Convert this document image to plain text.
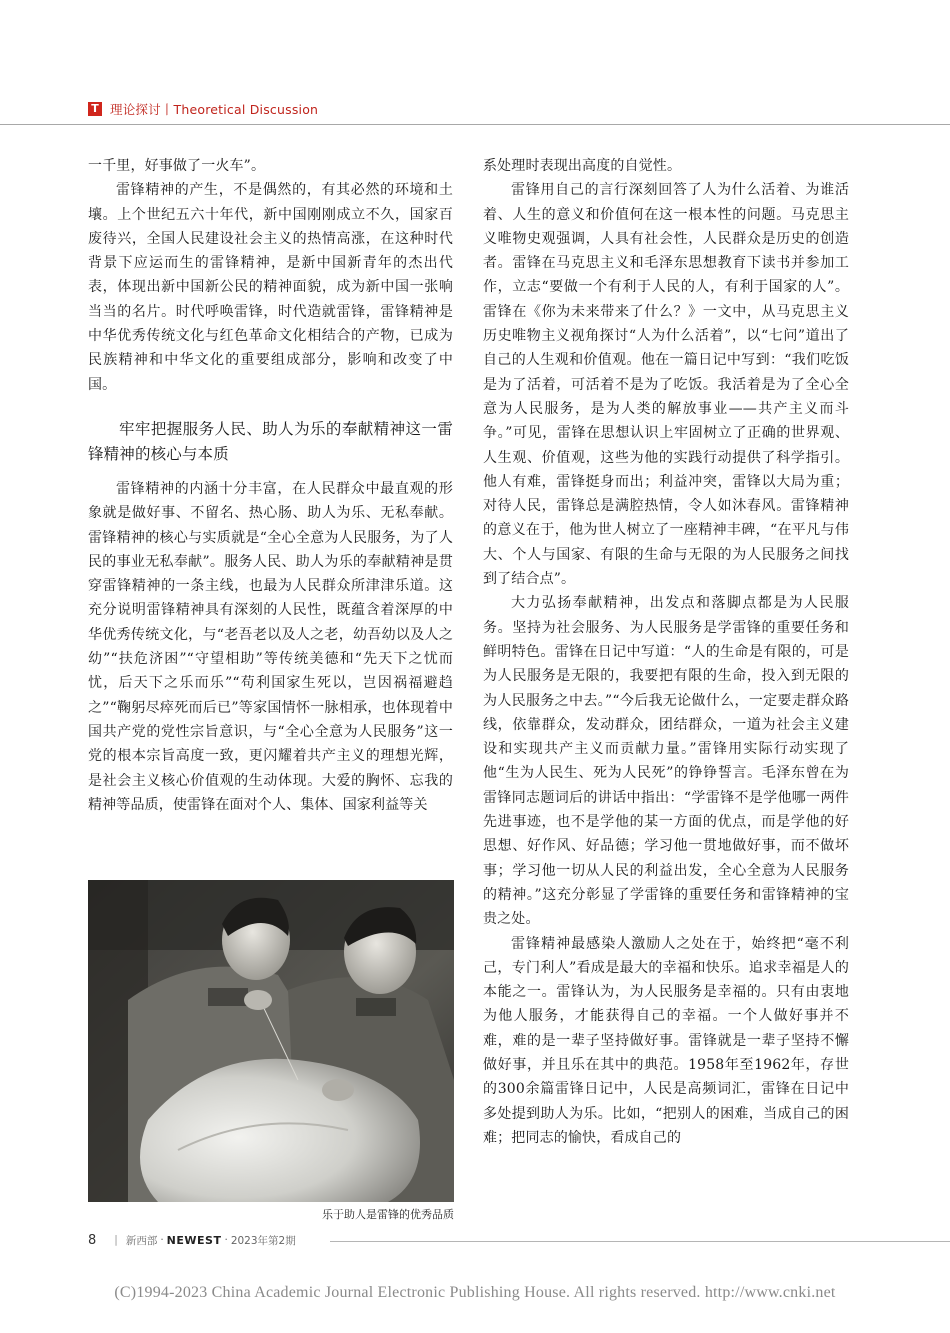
T 理论探讨丨Theoretical Discussion

一千里，好事做了一火车”。

雷锋精神的产生，不是偶然的，有其必然的环境和土壤。上个世纪五六十年代，新中国刚刚成立不久，国家百废待兴，全国人民建设社会主义的热情高涨，在这种时代背景下应运而生的雷锋精神，是新中国新青年的杰出代表，体现出新中国新公民的精神面貌，成为新中国一张响当当的名片。时代呼唤雷锋，时代造就雷锋，雷锋精神是中华优秀传统文化与红色革命文化相结合的产物，已成为民族精神和中华文化的重要组成部分，影响和改变了中国。

牢牢把握服务人民、助人为乐的奉献精神这一雷锋精神的核心与本质

雷锋精神的内涵十分丰富，在人民群众中最直观的形象就是做好事、不留名、热心肠、助人为乐、无私奉献。雷锋精神的核心与实质就是“全心全意为人民服务，为了人民的事业无私奉献”。服务人民、助人为乐的奉献精神是贯穿雷锋精神的一条主线，也最为人民群众所津津乐道。这充分说明雷锋精神具有深刻的人民性，既蕴含着深厚的中华优秀传统文化，与“老吾老以及人之老，幼吾幼以及人之幼”“扶危济困”“守望相助”等传统美德和“先天下之忧而忧，后天下之乐而乐”“苟利国家生死以，岂因祸福避趋之”“鞠躬尽瘁死而后已”等家国情怀一脉相承，也体现着中国共产党的党性宗旨意识，与“全心全意为人民服务”这一党的根本宗旨高度一致，更闪耀着共产主义的理想光辉，是社会主义核心价值观的生动体现。大爱的胸怀、忘我的精神等品质，使雷锋在面对个人、集体、国家利益等关

乐于助人是雷锋的优秀品质

系处理时表现出高度的自觉性。

雷锋用自己的言行深刻回答了人为什么活着、为谁活着、人生的意义和价值何在这一根本性的问题。马克思主义唯物史观强调，人具有社会性，人民群众是历史的创造者。雷锋在马克思主义和毛泽东思想教育下读书并参加工作，立志“要做一个有利于人民的人，有利于国家的人”。雷锋在《你为未来带来了什么？》一文中，从马克思主义历史唯物主义视角探讨“人为什么活着”，以“七问”道出了自己的人生观和价值观。他在一篇日记中写到：“我们吃饭是为了活着，可活着不是为了吃饭。我活着是为了全心全意为人民服务，是为人类的解放事业——共产主义而斗争。”可见，雷锋在思想认识上牢固树立了正确的世界观、人生观、价值观，这些为他的实践行动提供了科学指引。他人有难，雷锋挺身而出；利益冲突，雷锋以大局为重；对待人民，雷锋总是满腔热情，令人如沐春风。雷锋精神的意义在于，他为世人树立了一座精神丰碑，“在平凡与伟大、个人与国家、有限的生命与无限的为人民服务之间找到了结合点”。

大力弘扬奉献精神，出发点和落脚点都是为人民服务。坚持为社会服务、为人民服务是学雷锋的重要任务和鲜明特色。雷锋在日记中写道：“人的生命是有限的，可是为人民服务是无限的，我要把有限的生命，投入到无限的为人民服务之中去。”“今后我无论做什么，一定要走群众路线，依靠群众，发动群众，团结群众，一道为社会主义建设和实现共产主义而贡献力量。”雷锋用实际行动实现了他“生为人民生、死为人民死”的铮铮誓言。毛泽东曾在为雷锋同志题词后的讲话中指出：“学雷锋不是学他哪一两件先进事迹，也不是学他的某一方面的优点，而是学他的好思想、好作风、好品德；学习他一贯地做好事，而不做坏事；学习他一切从人民的利益出发，全心全意为人民服务的精神。”这充分彰显了学雷锋的重要任务和雷锋精神的宝贵之处。

雷锋精神最感染人激励人之处在于，始终把“毫不利己，专门利人”看成是最大的幸福和快乐。追求幸福是人的本能之一。雷锋认为，为人民服务是幸福的。只有由衷地为他人服务，才能获得自己的幸福。一个人做好事并不难，难的是一辈子坚持做好事。雷锋就是一辈子坚持不懈做好事，并且乐在其中的典范。1958年至1962年，存世的300余篇雷锋日记中，人民是高频词汇，雷锋在日记中多处提到助人为乐。比如，“把别人的困难，当成自己的困难；把同志的愉快，看成自己的

8 | 新西部 · NEWEST · 2023年第2期
(C)1994-2023 China Academic Journal Electronic Publishing House. All rights reserved. http://www.cnki.net
